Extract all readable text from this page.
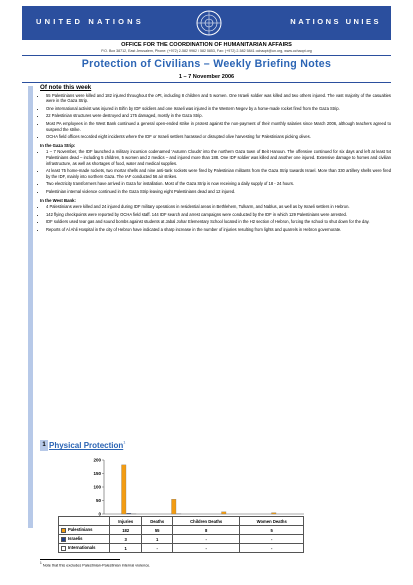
UNITED NATIONS	NATIONS UNIES
OFFICE FOR THE COORDINATION OF HUMANITARIAN AFFAIRS
P.O. Box 38712, East Jerusalem, Phone: (+972) 2-582 9962 / 582 5853, Fax: (+972) 2-582 5841 ochaopt@un.org, www.ochaopt.org
Protection of Civilians – Weekly Briefing Notes
1 – 7 November 2006
Of note this week
• 55 Palestinians were killed and 182 injured throughout the oPt, including 8 children and 5 women. One Israeli soldier was killed and two others injured. The vast majority of the casualties were in the Gaza Strip.
• One international activist was injured in Bil'in by IDF soldiers and one Israeli was injured in the Western Negev by a home-made rocket fired from the Gaza Strip.
• 22 Palestinian structures were destroyed and 175 damaged, mostly in the Gaza Strip.
• Most PA employees in the West Bank continued a general open-ended strike in protest against the non-payment of their monthly salaries since March 2006, although teachers agreed to suspend the strike.
• OCHA field offices recorded eight incidents where the IDF or Israeli settlers harassed or disrupted olive harvesting for Palestinians picking olives.
In the Gaza Strip:
• 1 – 7 November, the IDF launched a military incursion codenamed 'Autumn Clouds' into the northern Gaza town of Beit Hanoun. The offensive continued for six days and left at least 54 Palestinians dead – including 5 children, 5 women and 2 medics – and injured more than 188. One IDF soldier was killed and another one injured. Extensive damage to homes and civilian infrastructure, as well as shortages of food, water and medical supplies.
• At least 75 home-made rockets, two mortar shells and nine anti-tank rockets were fired by Palestinian militants from the Gaza Strip towards Israel. More than 330 artillery shells were fired by the IDF, mainly into northern Gaza. The IAF conducted 56 air strikes.
• Two electricity transformers have arrived in Gaza for installation. Most of the Gaza Strip is now receiving a daily supply of 18 - 24 hours.
• Palestinian internal violence continued in the Gaza Strip leaving eight Palestinians dead and 12 injured.
In the West Bank:
• 4 Palestinians were killed and 24 injured during IDF military operations in residential areas in Bethlehem, Tulkarm, and Nablus, as well as by Israeli settlers in Hebron.
• 142 flying checkpoints were reported by OCHA field staff. 144 IDF search and arrest campaigns were conducted by the IDF in which 129 Palestinians were arrested.
• IDF soldiers used tear gas and sound bombs against students at Jabal Johar Elementary School located in the H2 section of Hebron, forcing the school to shut down for the day.
• Reports of Al Ahli Hospital in the city of Hebron have indicated a sharp increase in the number of injuries resulting from lights and quarrels in Hebron governorate.
1 Physical Protection$^1$
0
50
100
150
200
	Injuries	Deaths	Children Deaths	Women Deaths
Palestinians	182	55	8	5
Israelis	3	1	-	-
Internationals	1	-	-	-
$^1$ Note that this excludes Palestinian-Palestinian internal violence.
